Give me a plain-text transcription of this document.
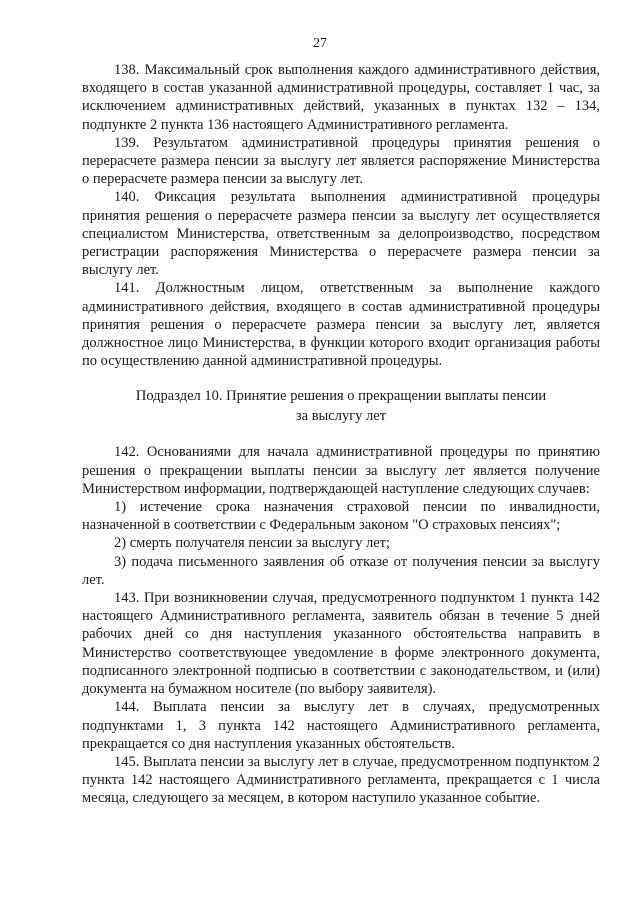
27

138. Максимальный срок выполнения каждого административного действия, входящего в состав указанной административной процедуры, составляет 1 час, за исключением административных действий, указанных в пунктах 132 – 134, подпункте 2 пункта 136 настоящего Административного регламента.

139. Результатом административной процедуры принятия решения о перерасчете размера пенсии за выслугу лет является распоряжение Министерства о перерасчете размера пенсии за выслугу лет.

140. Фиксация результата выполнения административной процедуры принятия решения о перерасчете размера пенсии за выслугу лет осуществляется специалистом Министерства, ответственным за делопроизводство, посредством регистрации распоряжения Министерства о перерасчете размера пенсии за выслугу лет.

141. Должностным лицом, ответственным за выполнение каждого административного действия, входящего в состав административной процедуры принятия решения о перерасчете размера пенсии за выслугу лет, является должностное лицо Министерства, в функции которого входит организация работы по осуществлению данной административной процедуры.

Подраздел 10. Принятие решения о прекращении выплаты пенсии
за выслугу лет

142. Основаниями для начала административной процедуры по принятию решения о прекращении выплаты пенсии за выслугу лет является получение Министерством информации, подтверждающей наступление следующих случаев:

1) истечение срока назначения страховой пенсии по инвалидности, назначенной в соответствии с Федеральным законом "О страховых пенсиях";

2) смерть получателя пенсии за выслугу лет;

3) подача письменного заявления об отказе от получения пенсии за выслугу лет.

143. При возникновении случая, предусмотренного подпунктом 1 пункта 142 настоящего Административного регламента, заявитель обязан в течение 5 дней рабочих дней со дня наступления указанного обстоятельства направить в Министерство соответствующее уведомление в форме электронного документа, подписанного электронной подписью в соответствии с законодательством, и (или) документа на бумажном носителе (по выбору заявителя).

144. Выплата пенсии за выслугу лет в случаях, предусмотренных подпунктами 1, 3 пункта 142 настоящего Административного регламента, прекращается со дня наступления указанных обстоятельств.

145. Выплата пенсии за выслугу лет в случае, предусмотренном подпунктом 2 пункта 142 настоящего Административного регламента, прекращается с 1 числа месяца, следующего за месяцем, в котором наступило указанное событие.
